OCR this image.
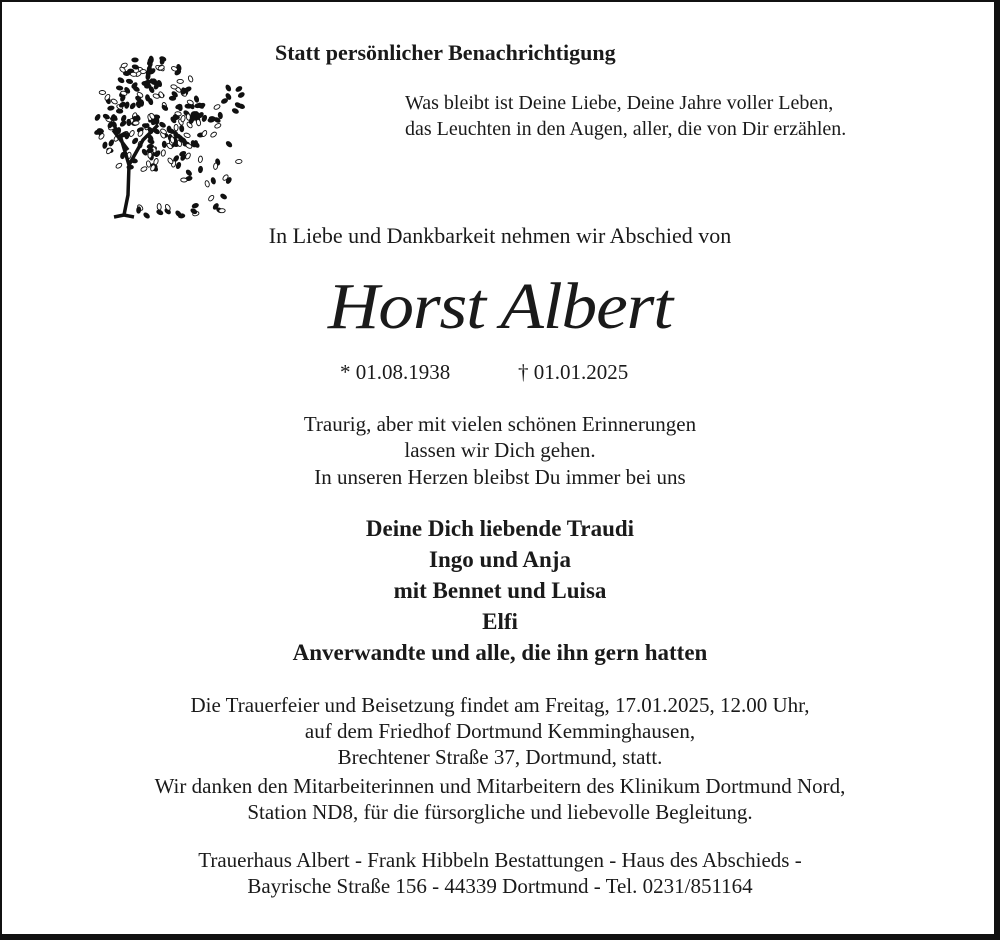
Statt persönlicher Benachrichtigung
Was bleibt ist Deine Liebe, Deine Jahre voller Leben,
das Leuchten in den Augen, aller, die von Dir erzählen.
In Liebe und Dankbarkeit nehmen wir Abschied von
Horst Albert
* 01.08.1938	† 01.01.2025
Traurig, aber mit vielen schönen Erinnerungen
lassen wir Dich gehen.
In unseren Herzen bleibst Du immer bei uns
Deine Dich liebende Traudi
Ingo und Anja
mit Bennet und Luisa
Elfi
Anverwandte und alle, die ihn gern hatten
Die Trauerfeier und Beisetzung findet am Freitag, 17.01.2025, 12.00 Uhr,
auf dem Friedhof Dortmund Kemminghausen,
Brechtener Straße 37, Dortmund, statt.
Wir danken den Mitarbeiterinnen und Mitarbeitern des Klinikum Dortmund Nord,
Station ND8, für die fürsorgliche und liebevolle Begleitung.
Trauerhaus Albert - Frank Hibbeln Bestattungen - Haus des Abschieds -
Bayrische Straße 156 - 44339 Dortmund - Tel. 0231/851164
